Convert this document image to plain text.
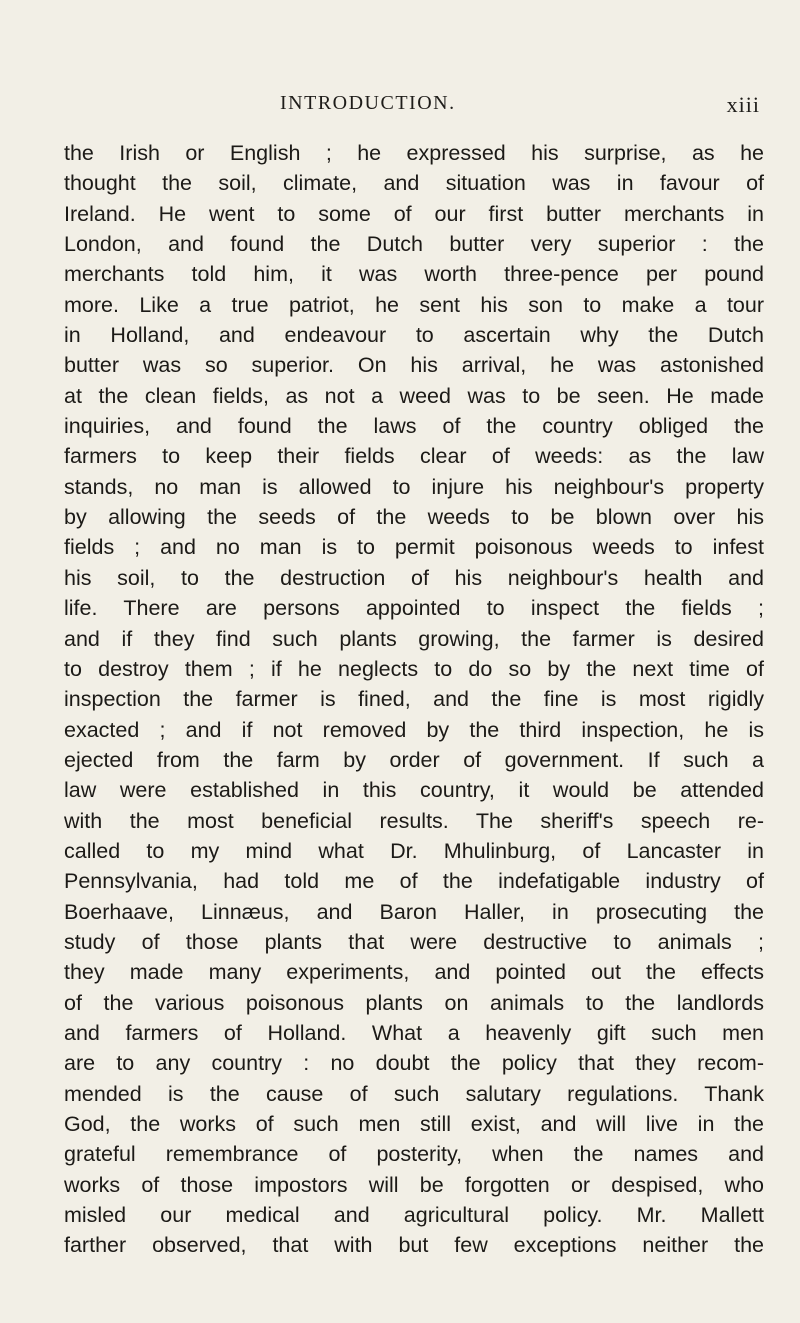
INTRODUCTION.	xiii
the Irish or English ; he expressed his surprise, as he
thought the soil, climate, and situation was in favour of
Ireland. He went to some of our first butter merchants in
London, and found the Dutch butter very superior : the
merchants told him, it was worth three-pence per pound
more. Like a true patriot, he sent his son to make a tour
in Holland, and endeavour to ascertain why the Dutch
butter was so superior. On his arrival, he was astonished
at the clean fields, as not a weed was to be seen. He made
inquiries, and found the laws of the country obliged the
farmers to keep their fields clear of weeds: as the law
stands, no man is allowed to injure his neighbour's property
by allowing the seeds of the weeds to be blown over his
fields ; and no man is to permit poisonous weeds to infest
his soil, to the destruction of his neighbour's health and
life. There are persons appointed to inspect the fields ;
and if they find such plants growing, the farmer is desired
to destroy them ; if he neglects to do so by the next time of
inspection the farmer is fined, and the fine is most rigidly
exacted ; and if not removed by the third inspection, he is
ejected from the farm by order of government. If such a
law were established in this country, it would be attended
with the most beneficial results. The sheriff's speech re-
called to my mind what Dr. Mhulinburg, of Lancaster in
Pennsylvania, had told me of the indefatigable industry of
Boerhaave, Linnæus, and Baron Haller, in prosecuting the
study of those plants that were destructive to animals ;
they made many experiments, and pointed out the effects
of the various poisonous plants on animals to the landlords
and farmers of Holland. What a heavenly gift such men
are to any country : no doubt the policy that they recom-
mended is the cause of such salutary regulations. Thank
God, the works of such men still exist, and will live in the
grateful remembrance of posterity, when the names and
works of those impostors will be forgotten or despised, who
misled our medical and agricultural policy. Mr. Mallett
farther observed, that with but few exceptions neither the
